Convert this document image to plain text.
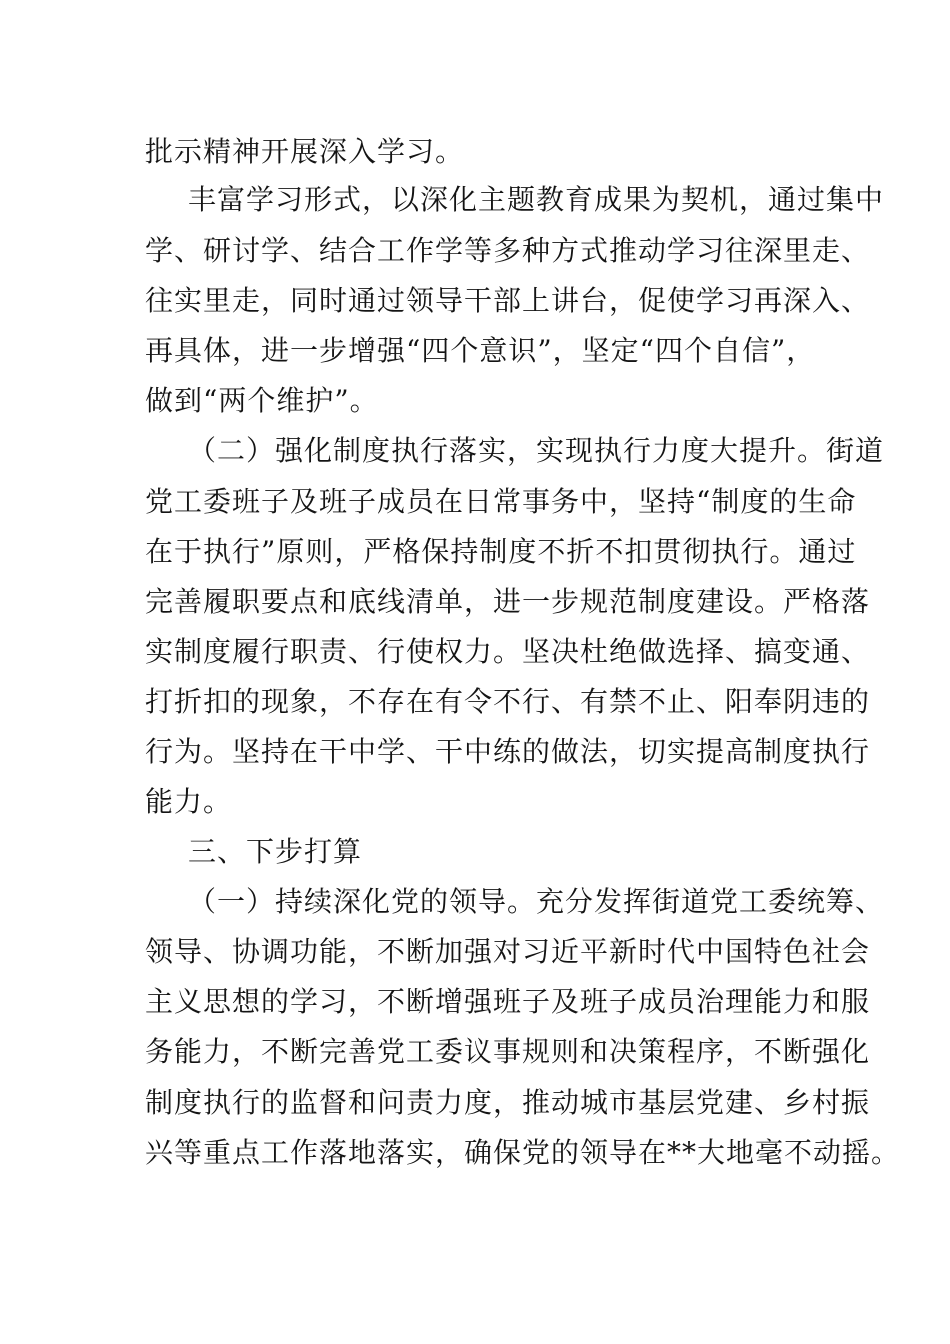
批示精神开展深入学习。
丰富学习形式，以深化主题教育成果为契机，通过集中
学、研讨学、结合工作学等多种方式推动学习往深里走、
往实里走，同时通过领导干部上讲台，促使学习再深入、
再具体，进一步增强“四个意识”，坚定“四个自信”，
做到“两个维护”。
（二）强化制度执行落实，实现执行力度大提升。街道
党工委班子及班子成员在日常事务中，坚持“制度的生命
在于执行”原则，严格保持制度不折不扣贯彻执行。通过
完善履职要点和底线清单，进一步规范制度建设。严格落
实制度履行职责、行使权力。坚决杜绝做选择、搞变通、
打折扣的现象，不存在有令不行、有禁不止、阳奉阴违的
行为。坚持在干中学、干中练的做法，切实提高制度执行
能力。
三、下步打算
（一）持续深化党的领导。充分发挥街道党工委统筹、
领导、协调功能，不断加强对习近平新时代中国特色社会
主义思想的学习，不断增强班子及班子成员治理能力和服
务能力，不断完善党工委议事规则和决策程序，不断强化
制度执行的监督和问责力度，推动城市基层党建、乡村振
兴等重点工作落地落实，确保党的领导在**大地毫不动摇。
